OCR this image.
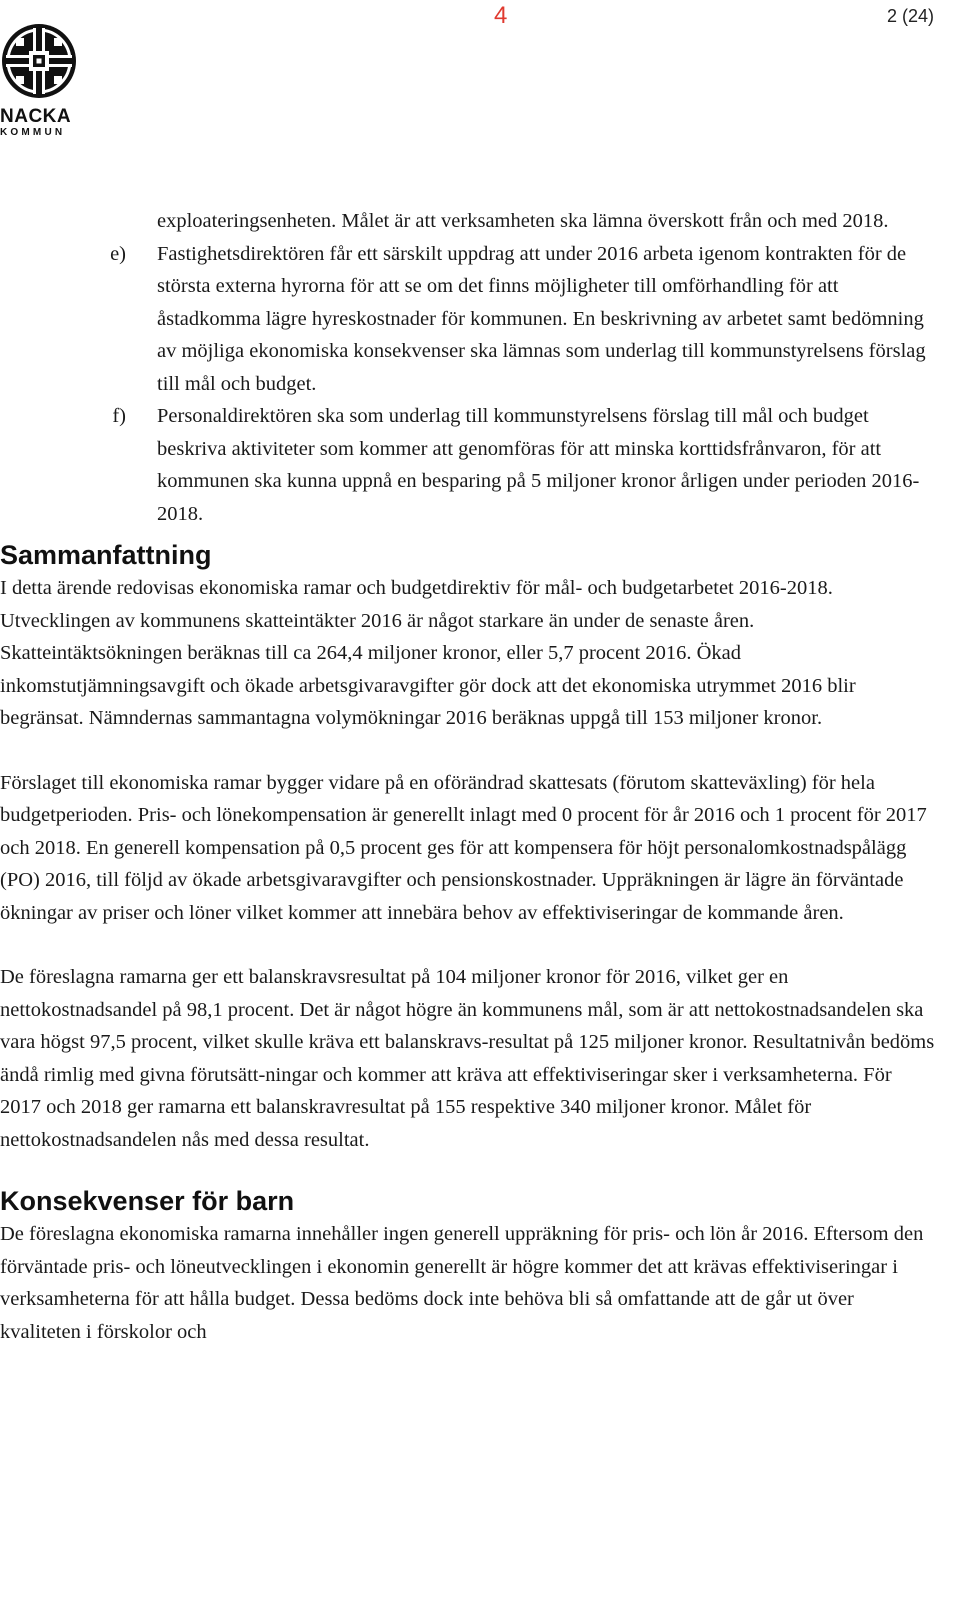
4	2 (24)
NACKA
KOMMUN
exploateringsenheten. Målet är att verksamheten ska lämna överskott från och med 2018.
e)	Fastighetsdirektören får ett särskilt uppdrag att under 2016 arbeta igenom kontrakten för de största externa hyrorna för att se om det finns möjligheter till omförhandling för att åstadkomma lägre hyreskostnader för kommunen. En beskrivning av arbetet samt bedömning av möjliga ekonomiska konsekvenser ska lämnas som underlag till kommunstyrelsens förslag till mål och budget.
f)	Personaldirektören ska som underlag till kommunstyrelsens förslag till mål och budget beskriva aktiviteter som kommer att genomföras för att minska korttidsfrånvaron, för att kommunen ska kunna uppnå en besparing på 5 miljoner kronor årligen under perioden 2016-2018.
Sammanfattning

I detta ärende redovisas ekonomiska ramar och budgetdirektiv för mål- och budgetarbetet 2016-2018. Utvecklingen av kommunens skatteintäkter 2016 är något starkare än under de senaste åren. Skatteintäktsökningen beräknas till ca 264,4 miljoner kronor, eller 5,7 procent 2016. Ökad inkomstutjämningsavgift och ökade arbetsgivaravgifter gör dock att det ekonomiska utrymmet 2016 blir begränsat. Nämndernas sammantagna volymökningar 2016 beräknas uppgå till 153 miljoner kronor.

Förslaget till ekonomiska ramar bygger vidare på en oförändrad skattesats (förutom skatteväxling) för hela budgetperioden. Pris- och lönekompensation är generellt inlagt med 0 procent för år 2016 och 1 procent för 2017 och 2018. En generell kompensation på 0,5 procent ges för att kompensera för höjt personalomkostnadspålägg (PO) 2016, till följd av ökade arbetsgivaravgifter och pensionskostnader. Uppräkningen är lägre än förväntade ökningar av priser och löner vilket kommer att innebära behov av effektiviseringar de kommande åren.

De föreslagna ramarna ger ett balanskravsresultat på 104 miljoner kronor för 2016, vilket ger en nettokostnadsandel på 98,1 procent. Det är något högre än kommunens mål, som är att nettokostnadsandelen ska vara högst 97,5 procent, vilket skulle kräva ett balanskravs-resultat på 125 miljoner kronor. Resultatnivån bedöms ändå rimlig med givna förutsätt-ningar och kommer att kräva att effektiviseringar sker i verksamheterna. För 2017 och 2018 ger ramarna ett balanskravresultat på 155 respektive 340 miljoner kronor. Målet för nettokostnadsandelen nås med dessa resultat.

Konsekvenser för barn

De föreslagna ekonomiska ramarna innehåller ingen generell uppräkning för pris- och lön år 2016. Eftersom den förväntade pris- och löneutvecklingen i ekonomin generellt är högre kommer det att krävas effektiviseringar i verksamheterna för att hålla budget. Dessa bedöms dock inte behöva bli så omfattande att de går ut över kvaliteten i förskolor och
